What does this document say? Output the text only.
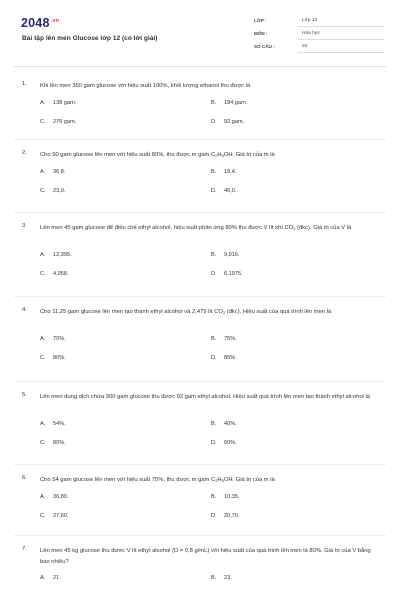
$2048^{.vn}$
Bài tập lên men Glucose lớp 12 (có lời giải)
LỚP :	Lớp 12
MÔN :	Hóa học
SỐ CÂU :	20
1. Khi lên men 360 gam glucose với hiệu suất 100%, khối lượng ethanol thu được là
A. 138 gam.	B. 184 gam.
C. 276 gam.	D. 92 gam.
2. Cho 90 gam glucose lên men với hiệu suất 80%, thu được m gam $C_2H_5OH$. Giá trị của m là
A. 36,8.	B. 18,4.
C. 23,0.	D. 46,0.
3. Lên men 45 gam glucose để điều chế ethyl alcohol, hiệu suất phản ứng 80% thu được V lít khí $CO_2$ (đkc). Giá trị của V là
A. 12,395.	B. 9,916.
C. 4,958.	D. 6,1975.
4. Cho 11,25 gam glucose lên men tạo thành ethyl alcohol và 2,479 lít $CO_2$ (đkc). Hiệu suất của quá trình lên men là
A. 70%.	B. 75%.
C. 80%.	D. 85%.
5. Lên men dung dịch chứa 300 gam glucose thu được 92 gam ethyl alcohol. Hiệu suất quá trình lên men tạo thành ethyl alcohol là
A. 54%.	B. 40%.
C. 80%.	D. 60%.
6. Cho 54 gam glucose lên men với hiệu suất 75%, thu được m gam $C_2H_5OH$. Giá trị của m là
A. 36,80.	B. 10,35.
C. 27,60.	D. 20,70.
7. Lên men 45 kg glucose thu được V lít ethyl alcohol (D = 0,8 g/mL) với hiệu suất của quá trình lên men là 80%. Giá trị của V bằng bao nhiêu?
A. 21.	B. 23.
